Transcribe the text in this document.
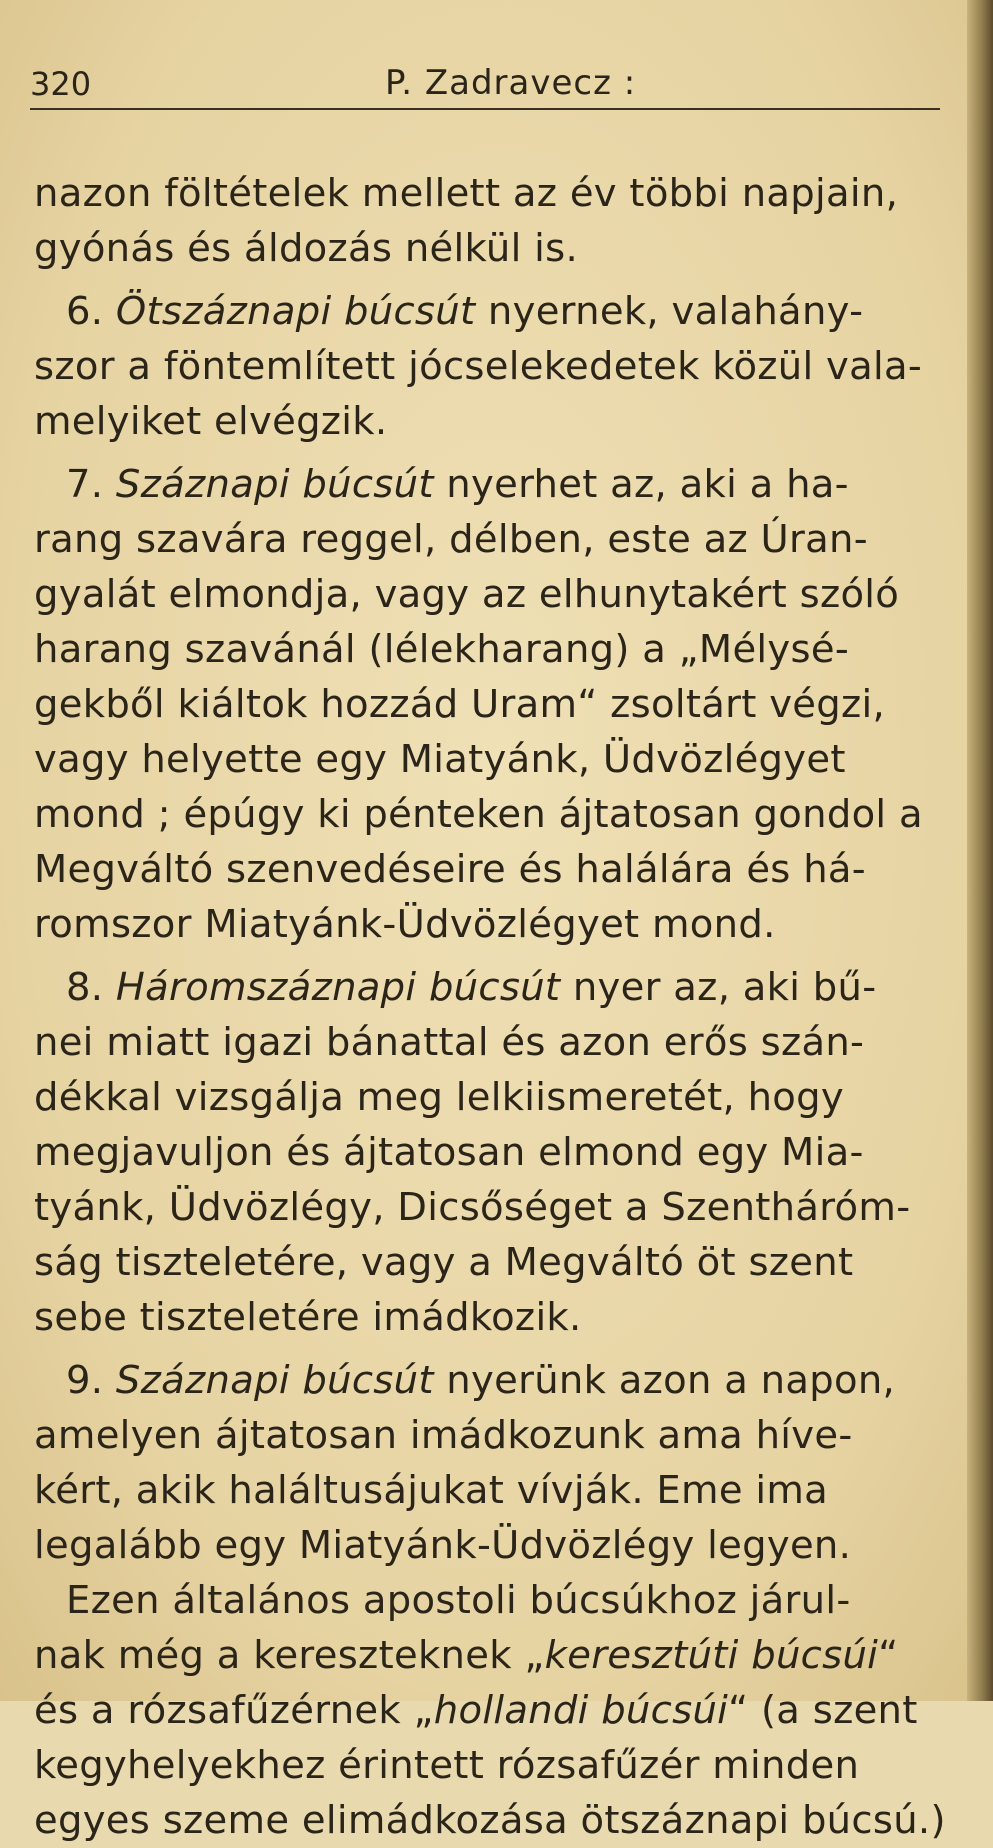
320	P. Zadravecz :
nazon föltételek mellett az év többi napjain,
gyónás és áldozás nélkül is.
6. Ötszáznapi búcsút nyernek, valahány-
szor a föntemlített jócselekedetek közül vala-
melyiket elvégzik.
7. Száznapi búcsút nyerhet az, aki a ha-
rang szavára reggel, délben, este az Úran-
gyalát elmondja, vagy az elhunytakért szóló
harang szavánál (lélekharang) a „Mélysé-
gekből kiáltok hozzád Uram“ zsoltárt végzi,
vagy helyette egy Miatyánk, Üdvözlégyet
mond ; épúgy ki pénteken ájtatosan gondol a
Megváltó szenvedéseire és halálára és há-
romszor Miatyánk-Üdvözlégyet mond.
8. Háromszáznapi búcsút nyer az, aki bű-
nei miatt igazi bánattal és azon erős szán-
dékkal vizsgálja meg lelkiismeretét, hogy
megjavuljon és ájtatosan elmond egy Mia-
tyánk, Üdvözlégy, Dicsőséget a Szentháróm-
ság tiszteletére, vagy a Megváltó öt szent
sebe tiszteletére imádkozik.
9. Száznapi búcsút nyerünk azon a napon,
amelyen ájtatosan imádkozunk ama híve-
kért, akik haláltusájukat vívják. Eme ima
legalább egy Miatyánk-Üdvözlégy legyen.
Ezen általános apostoli búcsúkhoz járul-
nak még a kereszteknek „keresztúti búcsúi“
és a rózsafűzérnek „hollandi búcsúi“ (a szent
kegyhelyekhez érintett rózsafűzér minden
egyes szeme elimádkozása ötszáznapi búcsú.)
